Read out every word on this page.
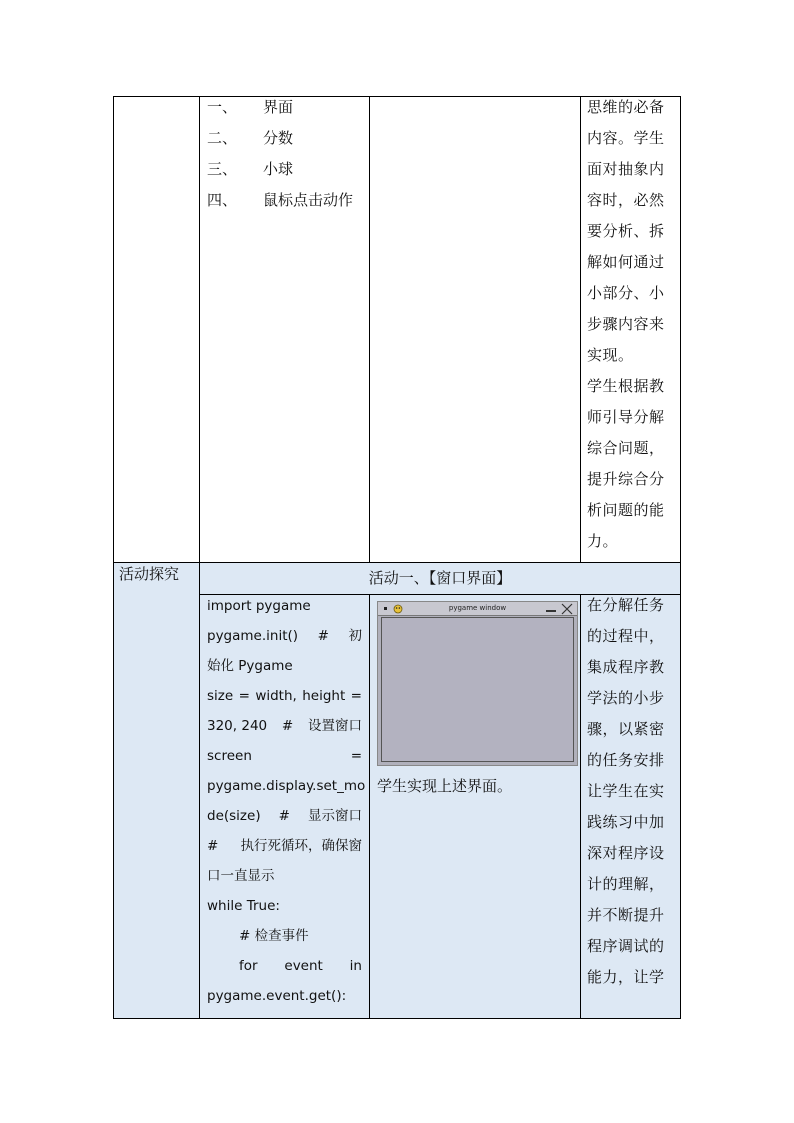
一、 界面
二、 分数
三、 小球
四、 鼠标点击动作
思维的必备
内容。学生
面对抽象内
容时，必然
要分析、拆
解如何通过
小部分、小
步骤内容来
实现。
学生根据教
师引导分解
综合问题，
提升综合分
析问题的能
力。
活动探究	活动一、【窗口界面】
import pygame
pygame.init() # 初
始化 Pygame
size = width, height =
320, 240 # 设置窗口
screen	=
pygame.display.set_mo
de(size) # 显示窗口
# 执行死循环，确保窗
口一直显示
while True:
# 检查事件
for event in
pygame.event.get():
pygame window
学生实现上述界面。
在分解任务
的过程中，
集成程序教
学法的小步
骤，以紧密
的任务安排
让学生在实
践练习中加
深对程序设
计的理解，
并不断提升
程序调试的
能力，让学
